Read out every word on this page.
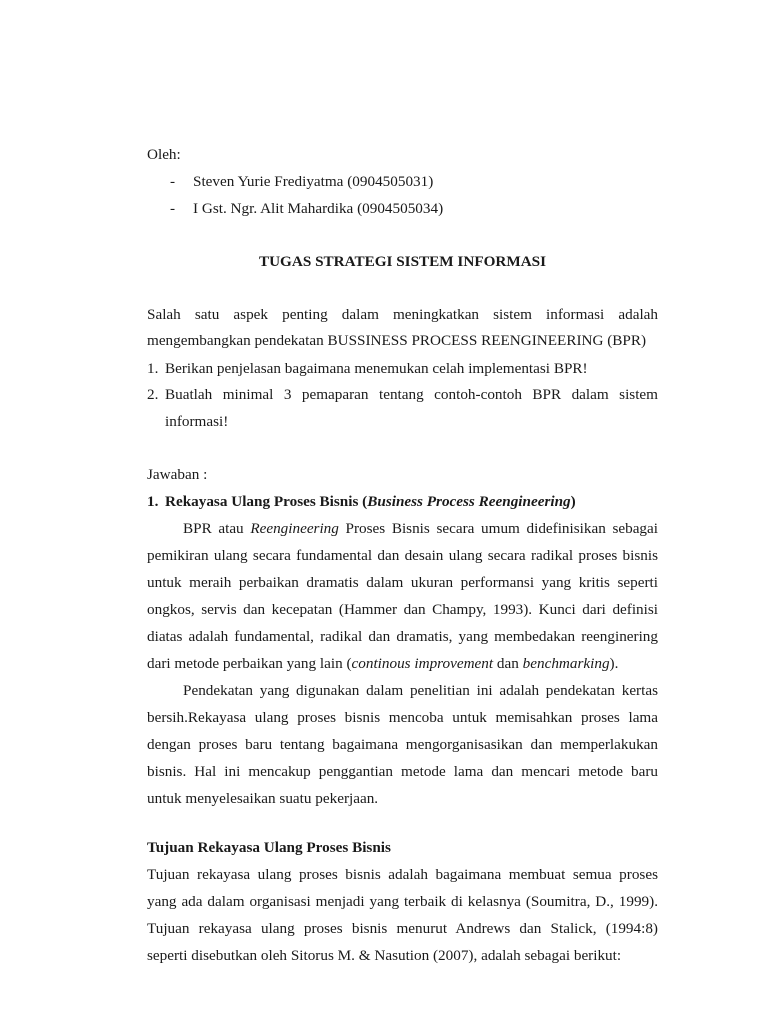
Oleh:
- Steven Yurie Frediyatma (0904505031)
- I Gst. Ngr. Alit Mahardika (0904505034)
TUGAS STRATEGI SISTEM INFORMASI
Salah satu aspek penting dalam meningkatkan sistem informasi adalah
mengembangkan pendekatan BUSSINESS PROCESS REENGINEERING (BPR)
1. Berikan penjelasan bagaimana menemukan celah implementasi BPR!
2. Buatlah minimal 3 pemaparan tentang contoh-contoh BPR dalam sistem
informasi!
Jawaban :
1. Rekayasa Ulang Proses Bisnis (Business Process Reengineering)
BPR atau Reengineering Proses Bisnis secara umum didefinisikan sebagai
pemikiran ulang secara fundamental dan desain ulang secara radikal proses bisnis
untuk meraih perbaikan dramatis dalam ukuran performansi yang kritis seperti
ongkos, servis dan kecepatan (Hammer dan Champy, 1993). Kunci dari definisi
diatas adalah fundamental, radikal dan dramatis, yang membedakan reenginering
dari metode perbaikan yang lain (continous improvement dan benchmarking).
Pendekatan yang digunakan dalam penelitian ini adalah pendekatan kertas
bersih.Rekayasa ulang proses bisnis mencoba untuk memisahkan proses lama
dengan proses baru tentang bagaimana mengorganisasikan dan memperlakukan
bisnis. Hal ini mencakup penggantian metode lama dan mencari metode baru
untuk menyelesaikan suatu pekerjaan.
Tujuan Rekayasa Ulang Proses Bisnis
Tujuan rekayasa ulang proses bisnis adalah bagaimana membuat semua proses
yang ada dalam organisasi menjadi yang terbaik di kelasnya (Soumitra, D., 1999).
Tujuan rekayasa ulang proses bisnis menurut Andrews dan Stalick, (1994:8)
seperti disebutkan oleh Sitorus M. & Nasution (2007), adalah sebagai berikut:
